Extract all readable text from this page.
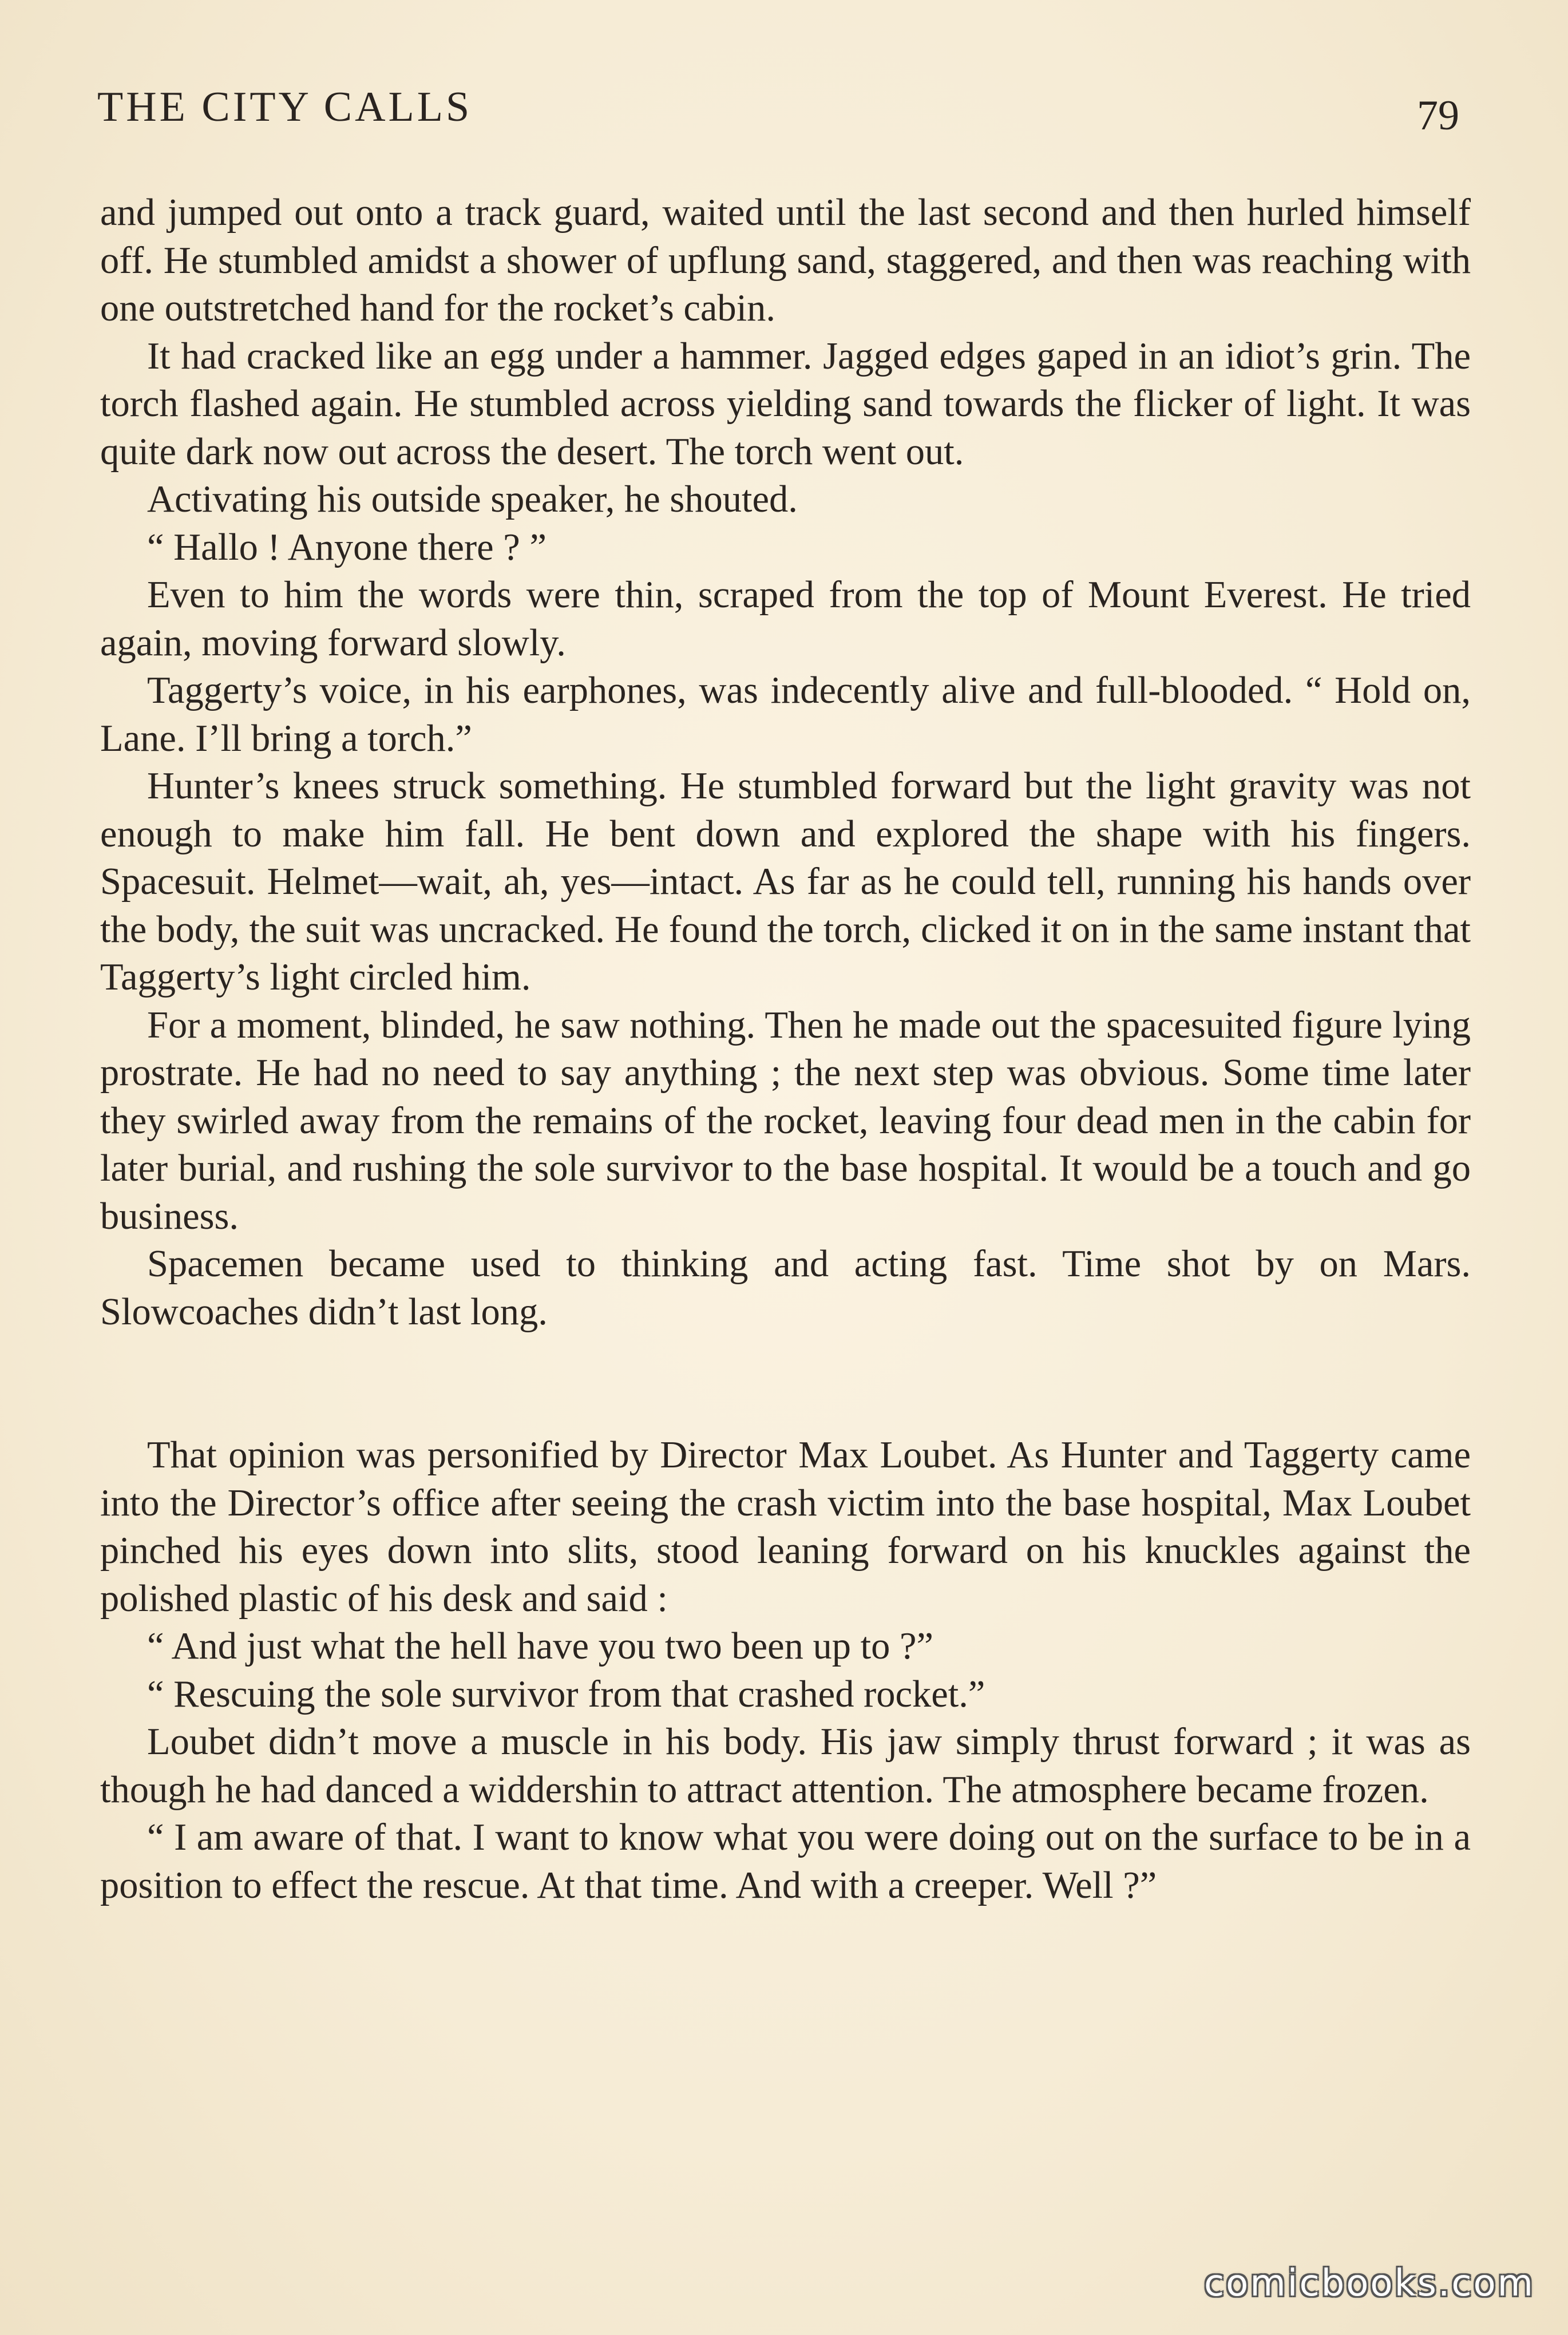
THE CITY CALLS	79

and jumped out onto a track guard, waited until the last second and then hurled himself off. He stumbled amidst a shower of upflung sand, staggered, and then was reaching with one outstretched hand for the rocket’s cabin.

It had cracked like an egg under a hammer. Jagged edges gaped in an idiot’s grin. The torch flashed again. He stumbled across yielding sand towards the flicker of light. It was quite dark now out across the desert. The torch went out.

Activating his outside speaker, he shouted.

“ Hallo ! Anyone there ? ”

Even to him the words were thin, scraped from the top of Mount Everest. He tried again, moving forward slowly.

Taggerty’s voice, in his earphones, was indecently alive and full-blooded. “ Hold on, Lane. I’ll bring a torch.”

Hunter’s knees struck something. He stumbled forward but the light gravity was not enough to make him fall. He bent down and explored the shape with his fingers. Spacesuit. Helmet—wait, ah, yes—intact. As far as he could tell, running his hands over the body, the suit was uncracked. He found the torch, clicked it on in the same instant that Taggerty’s light circled him.

For a moment, blinded, he saw nothing. Then he made out the spacesuited figure lying prostrate. He had no need to say anything ; the next step was obvious. Some time later they swirled away from the remains of the rocket, leaving four dead men in the cabin for later burial, and rushing the sole survivor to the base hospital. It would be a touch and go business.

Spacemen became used to thinking and acting fast. Time shot by on Mars. Slowcoaches didn’t last long.

That opinion was personified by Director Max Loubet. As Hunter and Taggerty came into the Director’s office after seeing the crash victim into the base hospital, Max Loubet pinched his eyes down into slits, stood leaning forward on his knuckles against the polished plastic of his desk and said :

“ And just what the hell have you two been up to ?”

“ Rescuing the sole survivor from that crashed rocket.”

Loubet didn’t move a muscle in his body. His jaw simply thrust forward ; it was as though he had danced a widdershin to attract attention. The atmosphere became frozen.

“ I am aware of that. I want to know what you were doing out on the surface to be in a position to effect the rescue. At that time. And with a creeper. Well ?”

comicbooks.com
